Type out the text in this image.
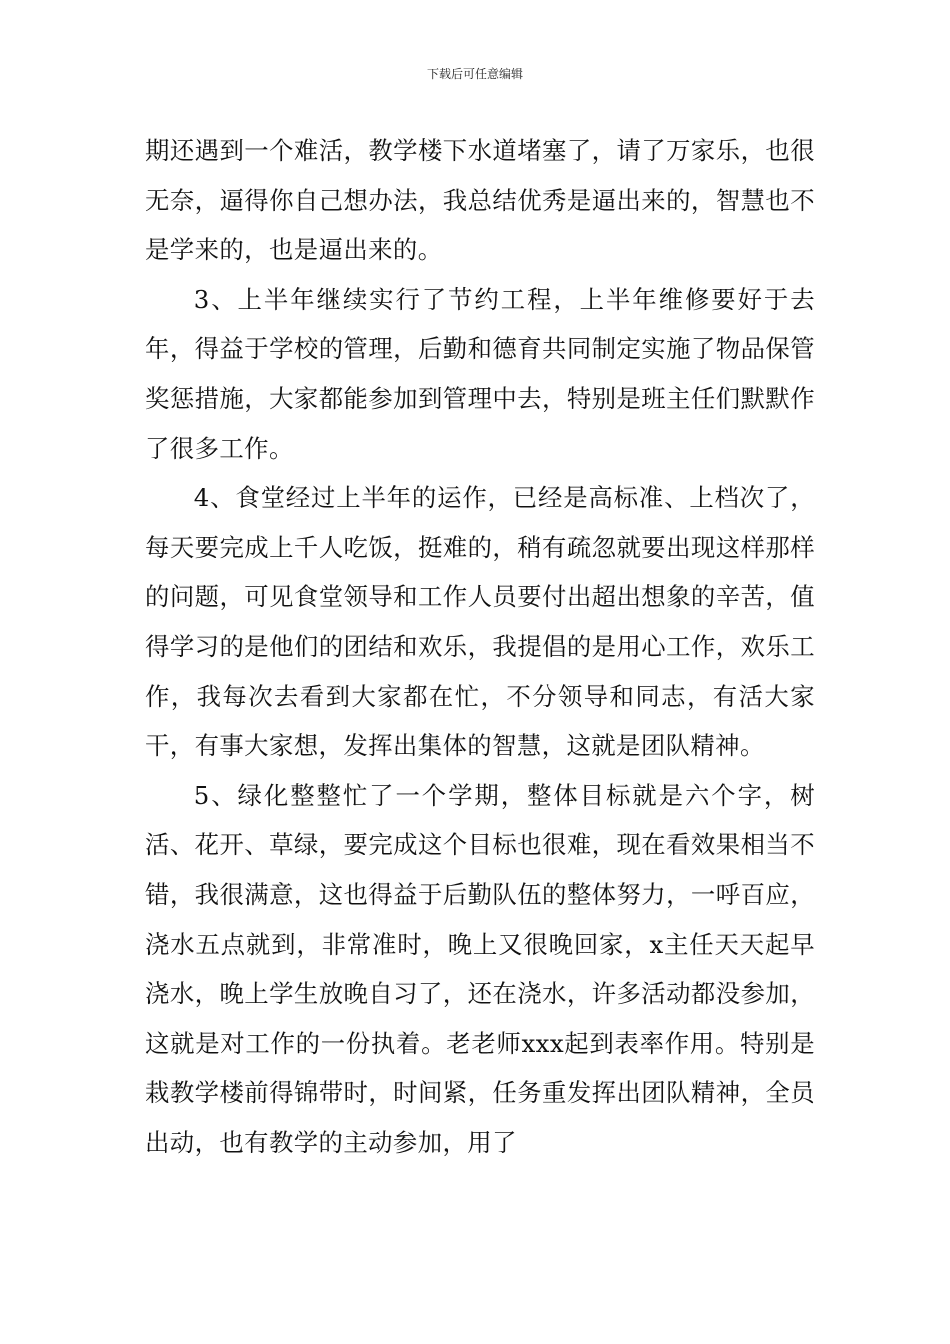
下载后可任意编辑

期还遇到一个难活，教学楼下水道堵塞了，请了万家乐，也很无奈，逼得你自己想办法，我总结优秀是逼出来的，智慧也不是学来的，也是逼出来的。

3、上半年继续实行了节约工程，上半年维修要好于去年，得益于学校的管理，后勤和德育共同制定实施了物品保管奖惩措施，大家都能参加到管理中去，特别是班主任们默默作了很多工作。

4、食堂经过上半年的运作，已经是高标准、上档次了，每天要完成上千人吃饭，挺难的，稍有疏忽就要出现这样那样的问题，可见食堂领导和工作人员要付出超出想象的辛苦，值得学习的是他们的团结和欢乐，我提倡的是用心工作，欢乐工作，我每次去看到大家都在忙，不分领导和同志，有活大家干，有事大家想，发挥出集体的智慧，这就是团队精神。

5、绿化整整忙了一个学期，整体目标就是六个字，树活、花开、草绿，要完成这个目标也很难，现在看效果相当不错，我很满意，这也得益于后勤队伍的整体努力，一呼百应，浇水五点就到，非常准时，晚上又很晚回家，x主任天天起早浇水，晚上学生放晚自习了，还在浇水，许多活动都没参加，这就是对工作的一份执着。老老师xxx起到表率作用。特别是栽教学楼前得锦带时，时间紧，任务重发挥出团队精神，全员出动，也有教学的主动参加，用了
